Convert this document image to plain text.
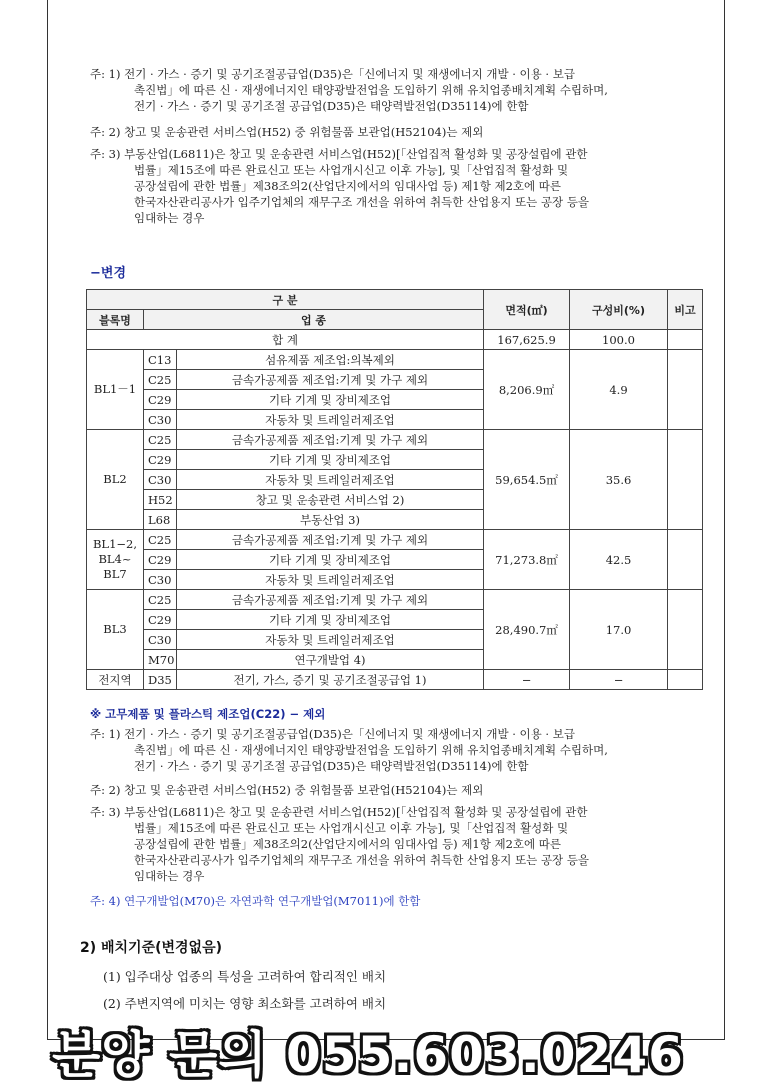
주: 1) 전기 · 가스 · 증기 및 공기조절공급업(D35)은「신에너지 및 재생에너지 개발 · 이용 · 보급
촉진법」에 따른 신 · 재생에너지인 태양광발전업을 도입하기 위해 유치업종배치계획 수립하며,
전기 · 가스 · 증기 및 공기조절 공급업(D35)은 태양력발전업(D35114)에 한함
주: 2) 창고 및 운송관련 서비스업(H52) 중 위험물품 보관업(H52104)는 제외
주: 3) 부동산업(L6811)은 창고 및 운송관련 서비스업(H52)[「산업집적 활성화 및 공장설립에 관한
법률」제15조에 따른 완료신고 또는 사업개시신고 이후 가능], 및「산업집적 활성화 및
공장설립에 관한 법률」제38조의2(산업단지에서의 임대사업 등) 제1항 제2호에 따른
한국자산관리공사가 입주기업체의 재무구조 개선을 위하여 취득한 산업용지 또는 공장 등을
임대하는 경우
−변경
구 분			면적(㎡)	구성비(%)	비고
블록명	업 종				
합 계			167,625.9	100.0	
BL1－1	C13	섬유제품 제조업:의복제외	8,206.9㎡	4.9	
	C25	금속가공제품 제조업:기계 및 가구 제외			
	C29	기타 기계 및 장비제조업			
	C30	자동차 및 트레일러제조업			
BL2	C25	금속가공제품 제조업:기계 및 가구 제외	59,654.5㎡	35.6	
	C29	기타 기계 및 장비제조업			
	C30	자동차 및 트레일러제조업			
	H52	창고 및 운송관련 서비스업 2)			
	L68	부동산업 3)			
BL1−2, BL4~ BL7	C25	금속가공제품 제조업:기계 및 가구 제외	71,273.8㎡	42.5	
	C29	기타 기계 및 장비제조업			
	C30	자동차 및 트레일러제조업			
BL3	C25	금속가공제품 제조업:기계 및 가구 제외	28,490.7㎡	17.0	
	C29	기타 기계 및 장비제조업			
	C30	자동차 및 트레일러제조업			
	M70	연구개발업 4)			
전지역	D35	전기, 가스, 증기 및 공기조절공급업 1)	−	−	
※ 고무제품 및 플라스틱 제조업(C22) − 제외
주: 1) 전기 · 가스 · 증기 및 공기조절공급업(D35)은「신에너지 및 재생에너지 개발 · 이용 · 보급
촉진법」에 따른 신 · 재생에너지인 태양광발전업을 도입하기 위해 유치업종배치계획 수립하며,
전기 · 가스 · 증기 및 공기조절 공급업(D35)은 태양력발전업(D35114)에 한함
주: 2) 창고 및 운송관련 서비스업(H52) 중 위험물품 보관업(H52104)는 제외
주: 3) 부동산업(L6811)은 창고 및 운송관련 서비스업(H52)[「산업집적 활성화 및 공장설립에 관한
법률」제15조에 따른 완료신고 또는 사업개시신고 이후 가능], 및「산업집적 활성화 및
공장설립에 관한 법률」제38조의2(산업단지에서의 임대사업 등) 제1항 제2호에 따른
한국자산관리공사가 입주기업체의 재무구조 개선을 위하여 취득한 산업용지 또는 공장 등을
임대하는 경우
주: 4) 연구개발업(M70)은 자연과학 연구개발업(M7011)에 한함
2) 배치기준(변경없음)
(1) 입주대상 업종의 특성을 고려하여 합리적인 배치
(2) 주변지역에 미치는 영향 최소화를 고려하여 배치
분양 문의 055.603.0246
